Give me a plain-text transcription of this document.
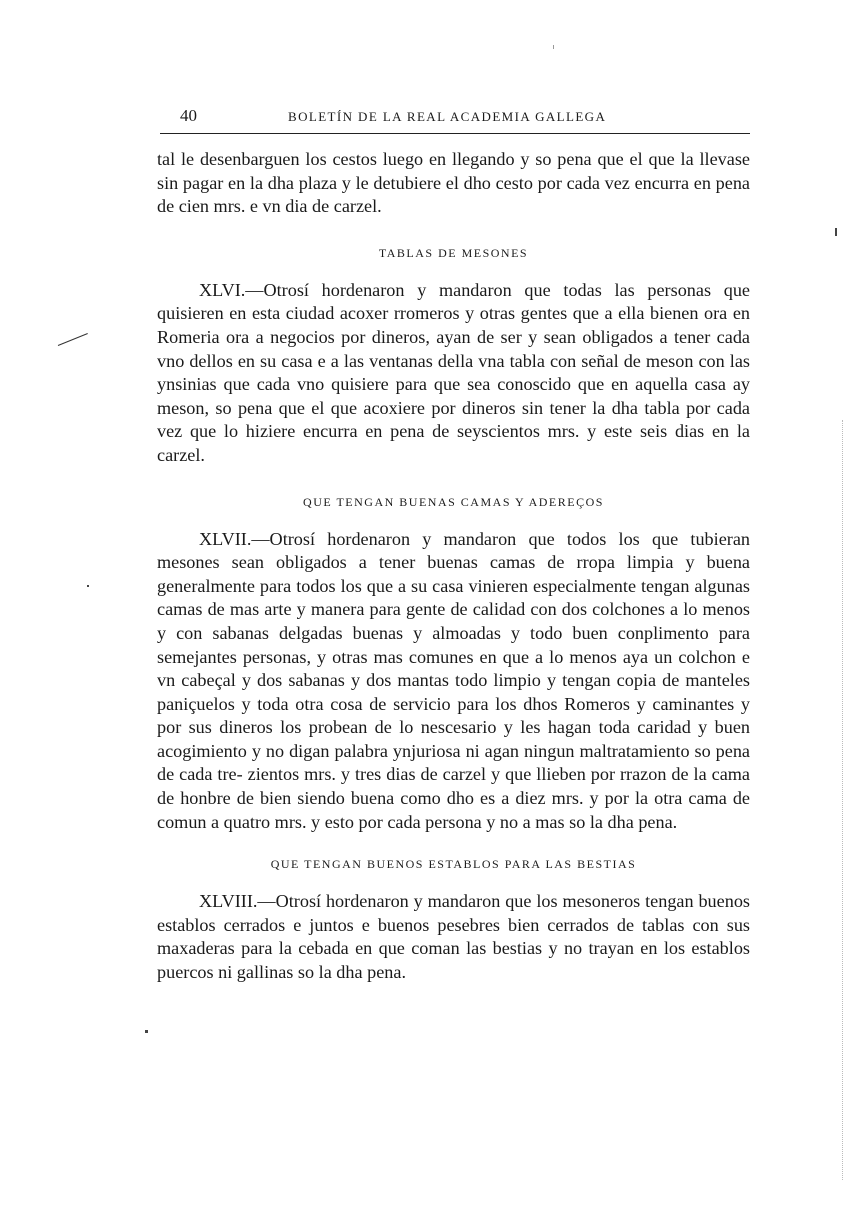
40	BOLETÍN DE LA REAL ACADEMIA GALLEGA

tal le desenbarguen los cestos luego en llegando y so pena que el que la llevase sin pagar en la dha plaza y le detubiere el dho cesto por cada vez encurra en pena de cien mrs. e vn dia de carzel.

TABLAS DE MESONES

XLVI.—Otrosí hordenaron y mandaron que todas las personas que quisieren en esta ciudad acoxer rromeros y otras gentes que a ella bienen ora en Romeria ora a negocios por dineros, ayan de ser y sean obligados a tener cada vno dellos en su casa e a las ventanas della vna tabla con señal de meson con las ynsinias que cada vno quisiere para que sea conoscido que en aquella casa ay meson, so pena que el que acoxiere por dineros sin tener la dha tabla por cada vez que lo hiziere encurra en pena de seyscientos mrs. y este seis dias en la carzel.

QUE TENGAN BUENAS CAMAS Y ADEREÇOS

XLVII.—Otrosí hordenaron y mandaron que todos los que tubieran mesones sean obligados a tener buenas camas de rropa limpia y buena generalmente para todos los que a su casa vinieren especialmente tengan algunas camas de mas arte y manera para gente de calidad con dos colchones a lo menos y con sabanas delgadas buenas y almoadas y todo buen conplimento para semejantes personas, y otras mas comunes en que a lo menos aya un colchon e vn cabeçal y dos sabanas y dos mantas todo limpio y tengan copia de manteles paniçuelos y toda otra cosa de servicio para los dhos Romeros y caminantes y por sus dineros los probean de lo nescesario y les hagan toda caridad y buen acogimiento y no digan palabra ynjuriosa ni agan ningun maltratamiento so pena de cada tre- zientos mrs. y tres dias de carzel y que llieben por rrazon de la cama de honbre de bien siendo buena como dho es a diez mrs. y por la otra cama de comun a quatro mrs. y esto por cada persona y no a mas so la dha pena.

QUE TENGAN BUENOS ESTABLOS PARA LAS BESTIAS

XLVIII.—Otrosí hordenaron y mandaron que los mesoneros tengan buenos establos cerrados e juntos e buenos pesebres bien cerrados de tablas con sus maxaderas para la cebada en que coman las bestias y no trayan en los establos puercos ni gallinas so la dha pena.
